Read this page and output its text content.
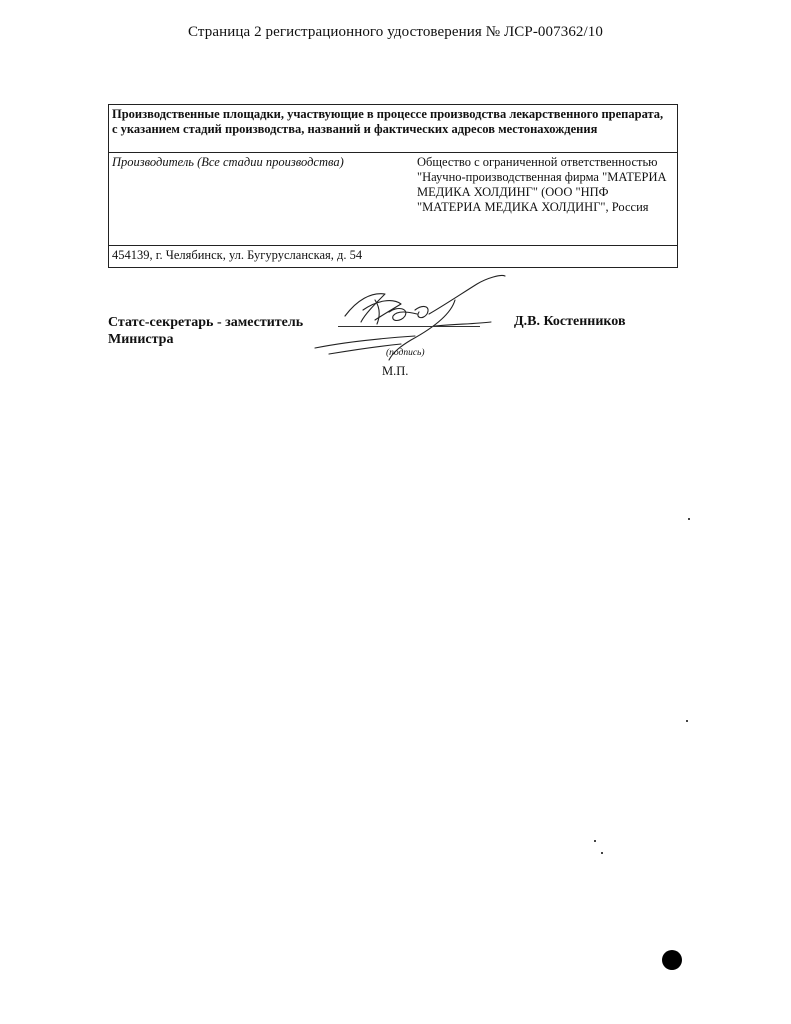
Страница 2 регистрационного удостоверения № ЛСР-007362/10
Производственные площадки, участвующие в процессе производства лекарственного препарата, с указанием стадий производства, названий и фактических адресов местонахождения
Производитель (Все стадии производства)	Общество с ограниченной ответственностью "Научно-производственная фирма "МАТЕРИА МЕДИКА ХОЛДИНГ" (ООО "НПФ "МАТЕРИА МЕДИКА ХОЛДИНГ", Россия
454139, г. Челябинск, ул. Бугурусланская, д. 54
Статс-секретарь - заместитель Министра
(подпись)
М.П.
Д.В. Костенников
